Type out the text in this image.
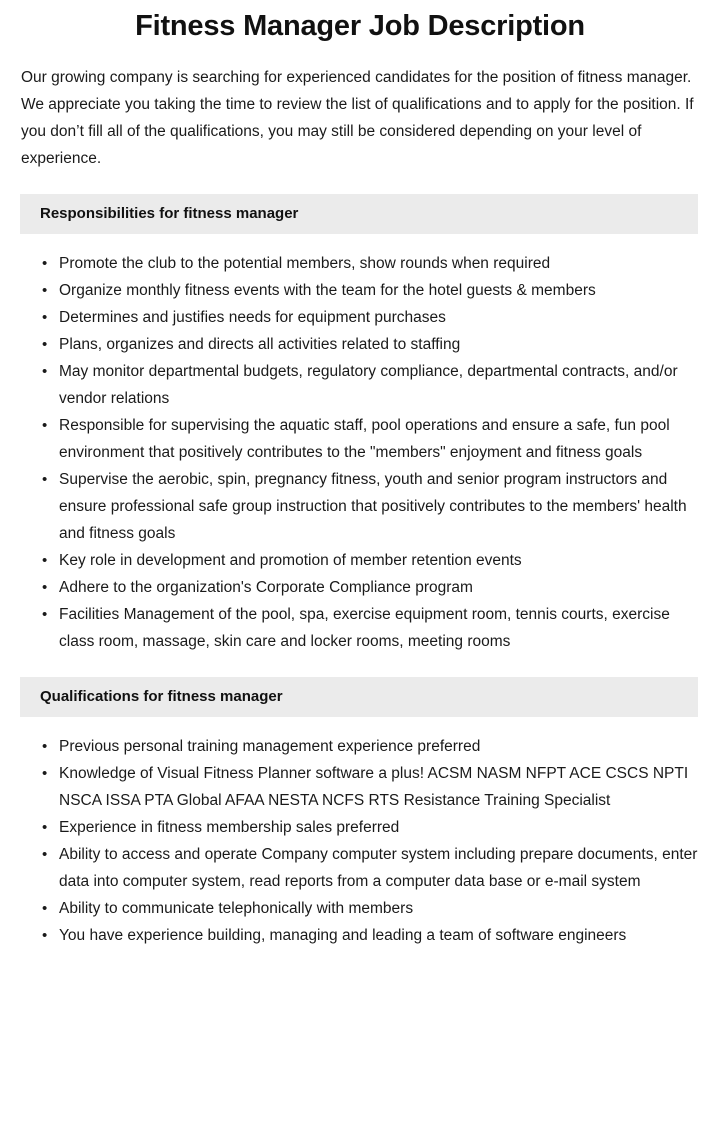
Fitness Manager Job Description

Our growing company is searching for experienced candidates for the position of fitness manager. We appreciate you taking the time to review the list of qualifications and to apply for the position. If you don’t fill all of the qualifications, you may still be considered depending on your level of experience.

Responsibilities for fitness manager
• Promote the club to the potential members, show rounds when required
• Organize monthly fitness events with the team for the hotel guests & members
• Determines and justifies needs for equipment purchases
• Plans, organizes and directs all activities related to staffing
• May monitor departmental budgets, regulatory compliance, departmental contracts, and/or vendor relations
• Responsible for supervising the aquatic staff, pool operations and ensure a safe, fun pool environment that positively contributes to the "members" enjoyment and fitness goals
• Supervise the aerobic, spin, pregnancy fitness, youth and senior program instructors and ensure professional safe group instruction that positively contributes to the members' health and fitness goals
• Key role in development and promotion of member retention events
• Adhere to the organization's Corporate Compliance program
• Facilities Management of the pool, spa, exercise equipment room, tennis courts, exercise class room, massage, skin care and locker rooms, meeting rooms
Qualifications for fitness manager
• Previous personal training management experience preferred
• Knowledge of Visual Fitness Planner software a plus! ACSM NASM NFPT ACE CSCS NPTI NSCA ISSA PTA Global AFAA NESTA NCFS RTS Resistance Training Specialist
• Experience in fitness membership sales preferred
• Ability to access and operate Company computer system including prepare documents, enter data into computer system, read reports from a computer data base or e-mail system
• Ability to communicate telephonically with members
• You have experience building, managing and leading a team of software engineers
